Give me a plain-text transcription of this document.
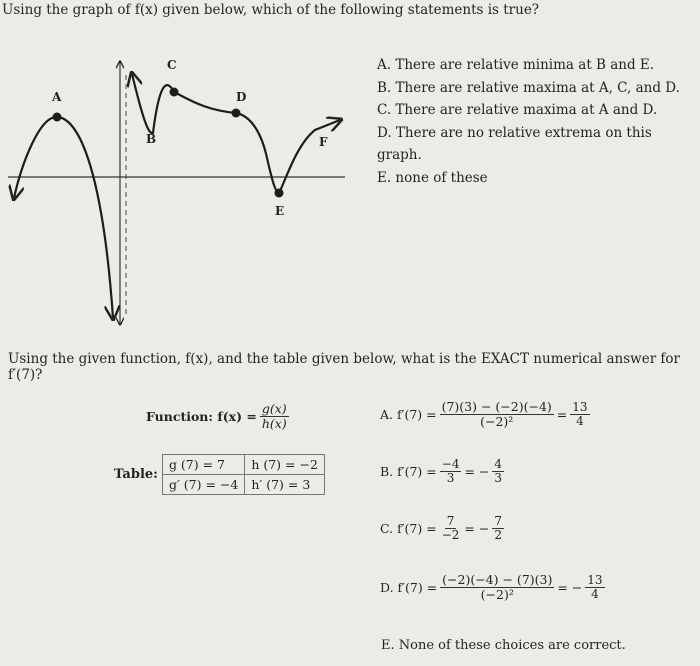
Using the graph of f(x) given below, which of the following statements is true?
A
B
C
D
E
F
A. There are relative minima at B and E.
B. There are relative maxima at A, C, and D.
C. There are relative maxima at A and D.
D. There are no relative extrema on this graph.
E. none of these
Using the given function, f(x), and the table given below, what is the EXACT numerical answer for f′(7)?
Function: $f(x) = \frac{g(x)}{h(x)}$
Table:
g (7) = 7	h (7) = −2
g′ (7) = −4	h′ (7) = 3
A. $f'(7) = \frac{(7)(3) - (-2)(-4)}{\text{(−2)²}} = \frac{13}{4}$
B. $f'(7) = \frac{-4}{3}$ = − $\frac{4}{3}$
C. $f'(7) = \frac{7}{-2}$ = − $\frac{7}{2}$
D. $f'(7) = \frac{(-2)(-4) - (7)(3)}{\text{(−2)²}}$ = − $\frac{13}{4}$
E. None of these choices are correct.
